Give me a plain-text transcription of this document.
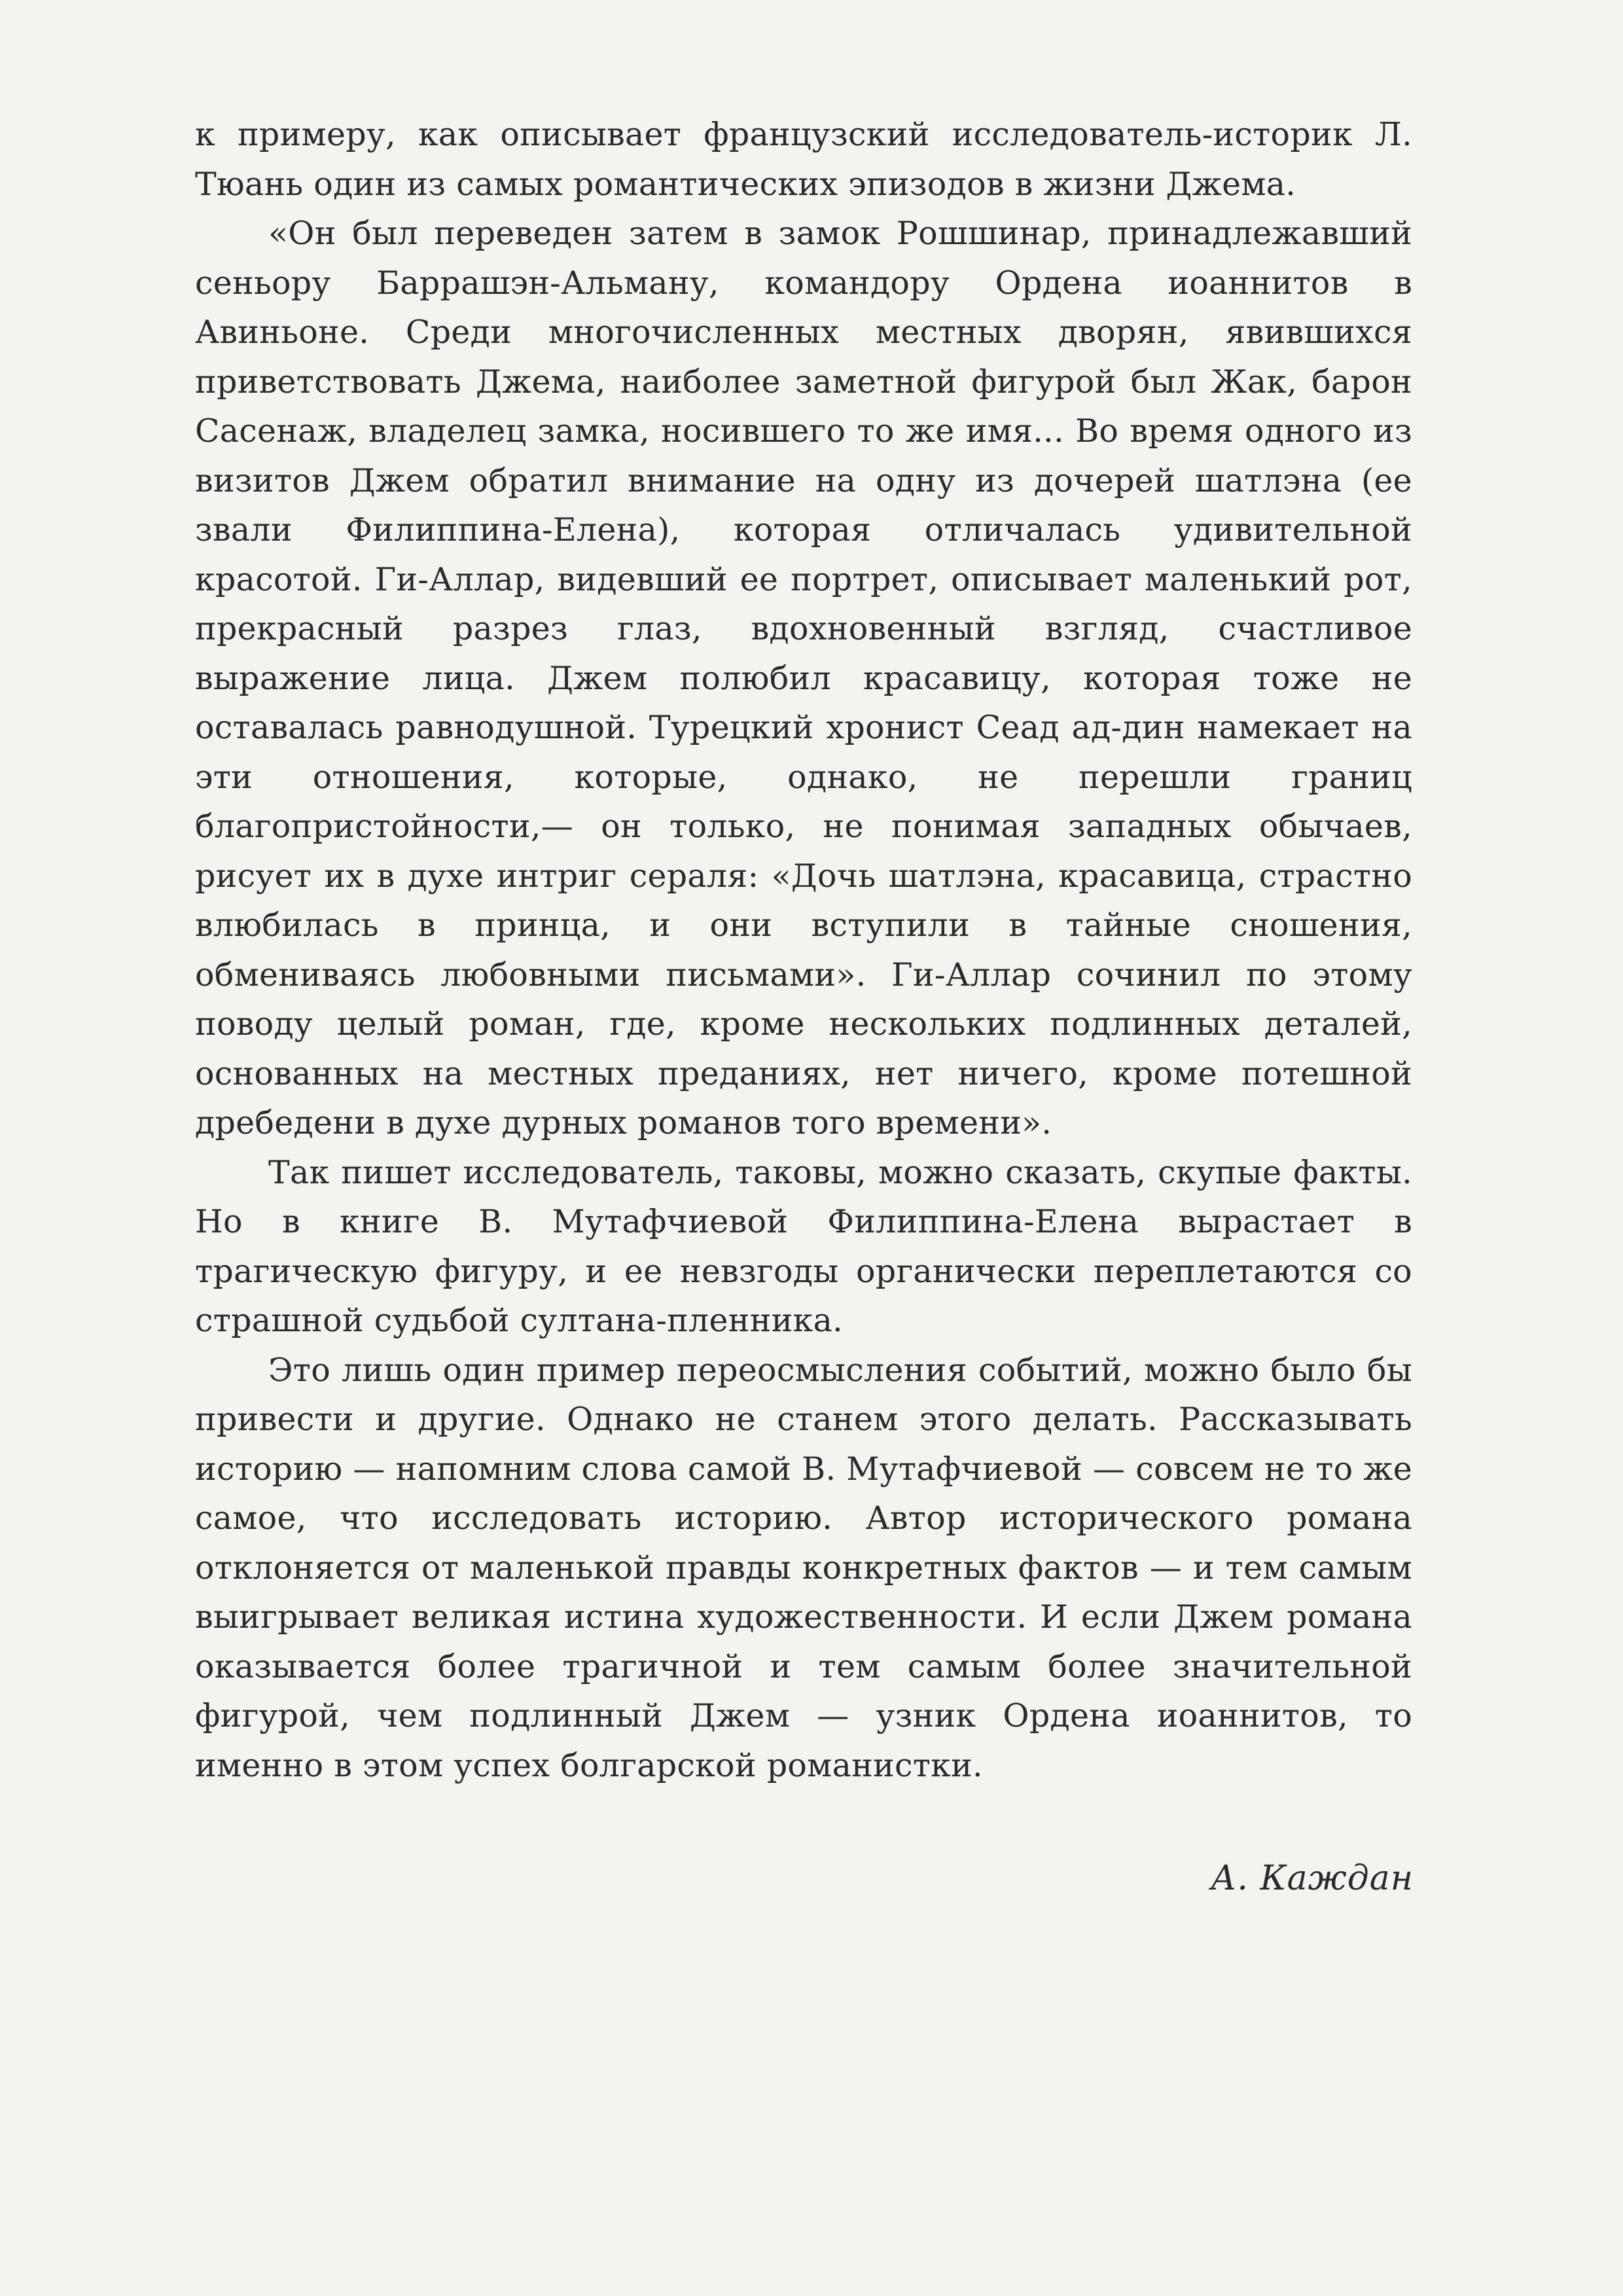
к примеру, как описывает французский исследователь-историк Л. Тюань один из самых романтических эпизодов в жизни Джема.

«Он был переведен затем в замок Рошшинар, принадлежавший сеньору Баррашэн-Альману, командору Ордена иоаннитов в Авиньоне. Среди многочисленных местных дворян, явившихся приветствовать Джема, наиболее заметной фигурой был Жак, барон Сасенаж, владелец замка, носившего то же имя... Во время одного из визитов Джем обратил внимание на одну из дочерей шатлэна (ее звали Филиппина-Елена), которая отличалась удивительной красотой. Ги-Аллар, видевший ее портрет, описывает маленький рот, прекрасный разрез глаз, вдохновенный взгляд, счастливое выражение лица. Джем полюбил красавицу, которая тоже не оставалась равнодушной. Турецкий хронист Сеад ад-дин намекает на эти отношения, которые, однако, не перешли границ благопристойности,— он только, не понимая западных обычаев, рисует их в духе интриг сераля: «Дочь шатлэна, красавица, страстно влюбилась в принца, и они вступили в тайные сношения, обмениваясь любовными письмами». Ги-Аллар сочинил по этому поводу целый роман, где, кроме нескольких подлинных деталей, основанных на местных преданиях, нет ничего, кроме потешной дребедени в духе дурных романов того времени».

Так пишет исследователь, таковы, можно сказать, скупые факты. Но в книге В. Мутафчиевой Филиппина-Елена вырастает в трагическую фигуру, и ее невзгоды органически переплетаются со страшной судьбой султана-пленника.

Это лишь один пример переосмысления событий, можно было бы привести и другие. Однако не станем этого делать. Рассказывать историю — напомним слова самой В. Мутафчиевой — совсем не то же самое, что исследовать историю. Автор исторического романа отклоняется от маленькой правды конкретных фактов — и тем самым выигрывает великая истина художественности. И если Джем романа оказывается более трагичной и тем самым более значительной фигурой, чем подлинный Джем — узник Ордена иоаннитов, то именно в этом успех болгарской романистки.

А. Каждан
